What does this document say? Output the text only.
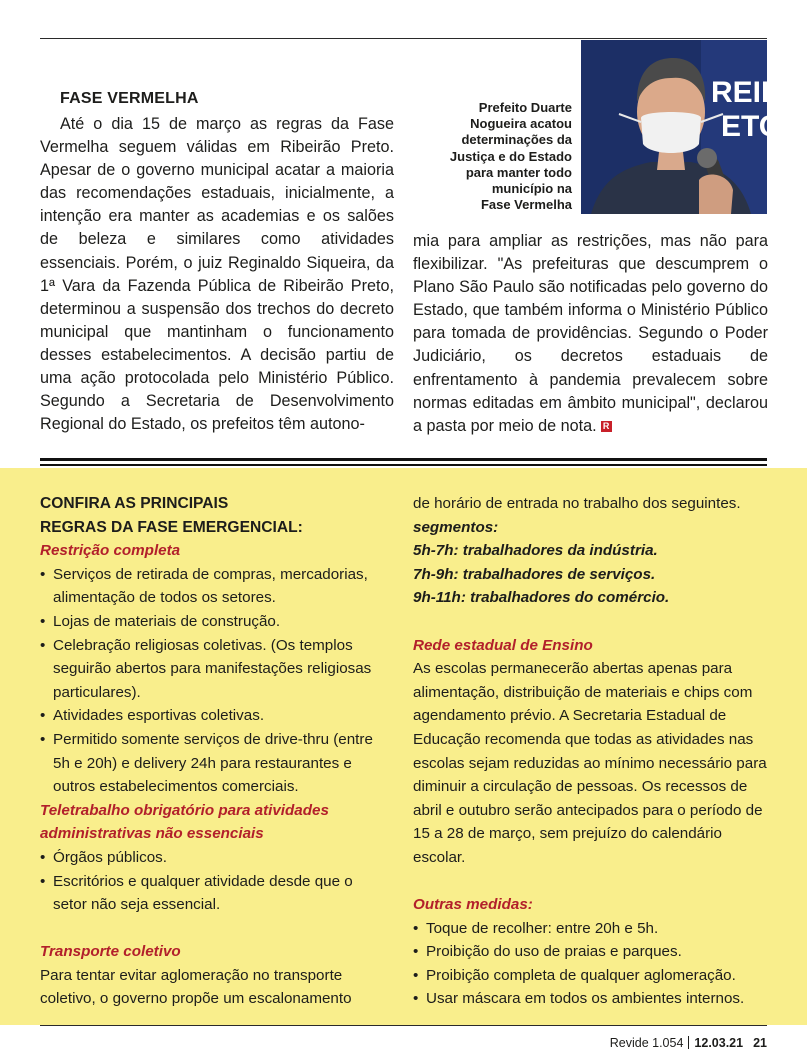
REIRA
ETO
Prefeito Duarte
Nogueira acatou
determinações da
Justiça e do Estado
para manter todo
município na
Fase Vermelha
FASE VERMELHA

Até o dia 15 de março as regras da Fase Vermelha seguem válidas em Ribeirão Preto. Apesar de o governo municipal acatar a maioria das recomendações estaduais, inicialmente, a intenção era manter as academias e os salões de beleza e similares como atividades essenciais. Porém, o juiz Reginaldo Siqueira, da 1ª Vara da Fazenda Pública de Ribeirão Preto, determinou a suspensão dos trechos do decreto municipal que mantinham o funcionamento desses estabelecimentos. A decisão partiu de uma ação protocolada pelo Ministério Público. Segundo a Secretaria de Desenvolvimento Regional do Estado, os prefeitos têm autono-

mia para ampliar as restrições, mas não para flexibilizar. "As prefeituras que descumprem o Plano São Paulo são notificadas pelo governo do Estado, que também informa o Ministério Público para tomada de providências. Segundo o Poder Judiciário, os decretos estaduais de enfrentamento à pandemia prevalecem sobre normas editadas em âmbito municipal", declarou a pasta por meio de nota. R
CONFIRA AS PRINCIPAIS
REGRAS DA FASE EMERGENCIAL:
Restrição completa
• Serviços de retirada de compras, mercadorias, alimentação de todos os setores.
• Lojas de materiais de construção.
• Celebração religiosas coletivas. (Os templos seguirão abertos para manifestações religiosas particulares).
• Atividades esportivas coletivas.
• Permitido somente serviços de drive-thru (entre 5h e 20h) e delivery 24h para restaurantes e outros estabelecimentos comerciais.
Teletrabalho obrigatório para atividades
administrativas não essenciais
• Órgãos públicos.
• Escritórios e qualquer atividade desde que o setor não seja essencial.
Transporte coletivo
Para tentar evitar aglomeração no transporte coletivo, o governo propõe um escalonamento
de horário de entrada no trabalho dos seguintes.
segmentos:
5h-7h: trabalhadores da indústria.
7h-9h: trabalhadores de serviços.
9h-11h: trabalhadores do comércio.
Rede estadual de Ensino
As escolas permanecerão abertas apenas para alimentação, distribuição de materiais e chips com agendamento prévio. A Secretaria Estadual de Educação recomenda que todas as atividades nas escolas sejam reduzidas ao mínimo necessário para diminuir a circulação de pessoas. Os recessos de abril e outubro serão antecipados para o período de 15 a 28 de março, sem prejuízo do calendário escolar.
Outras medidas:
• Toque de recolher: entre 20h e 5h.
• Proibição do uso de praias e parques.
• Proibição completa de qualquer aglomeração.
• Usar máscara em todos os ambientes internos.
Revide 1.054 12.03.21 21
